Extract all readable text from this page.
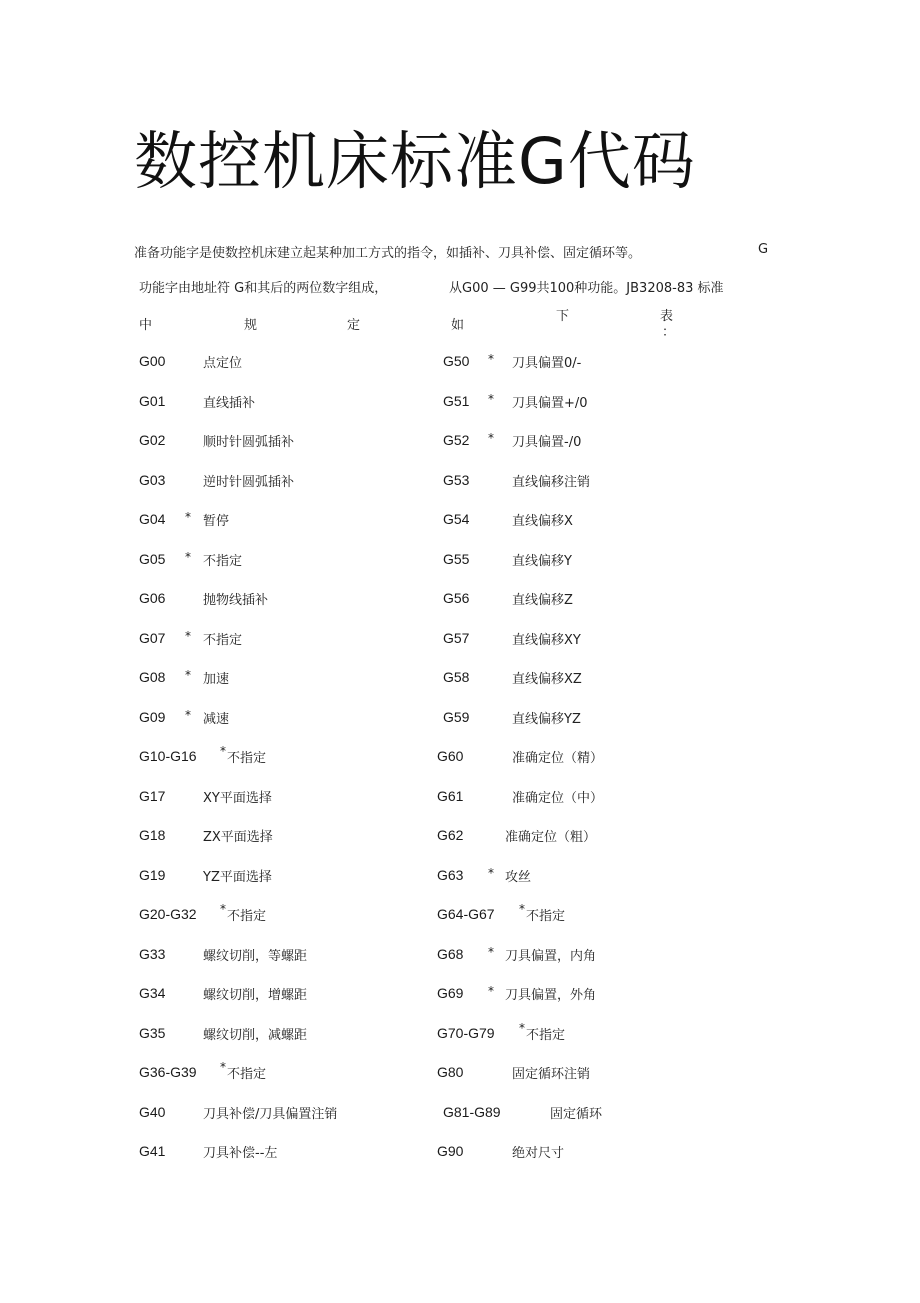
数控机床标准G代码
准备功能字是使数控机床建立起某种加工方式的指令，如插补、刀具补偿、固定循环等。	G
功能字由地址符 G和其后的两位数字组成，	从G00 — G99共100种功能。JB3208-83 标准
中	规	定	如
下	表
：
G00	点定位
G01	直线插补
G02	顺时针圆弧插补
G03	逆时针圆弧插补
G04 * 暂停
G05 * 不指定
G06	抛物线插补
G07 * 不指定
G08 * 加速
G09 * 减速
G10-G16 * 不指定
G17	XY平面选择
G18	ZX平面选择
G19	YZ平面选择
G20-G32 * 不指定
G33	螺纹切削，等螺距
G34	螺纹切削，增螺距
G35	螺纹切削，减螺距
G36-G39 * 不指定
G40	刀具补偿/刀具偏置注销
G41	刀具补偿--左
G50 * 刀具偏置0/-
G51 * 刀具偏置+/0
G52 * 刀具偏置-/0
G53	直线偏移注销
G54	直线偏移X
G55	直线偏移Y
G56	直线偏移Z
G57	直线偏移XY
G58	直线偏移XZ
G59	直线偏移YZ
G60	准确定位（精）
G61	准确定位（中）
G62	准确定位（粗）
G63 * 攻丝
G64-G67 * 不指定
G68 * 刀具偏置，内角
G69 * 刀具偏置，外角
G70-G79 * 不指定
G80	固定循环注销
G81-G89	固定循环
G90	绝对尺寸
